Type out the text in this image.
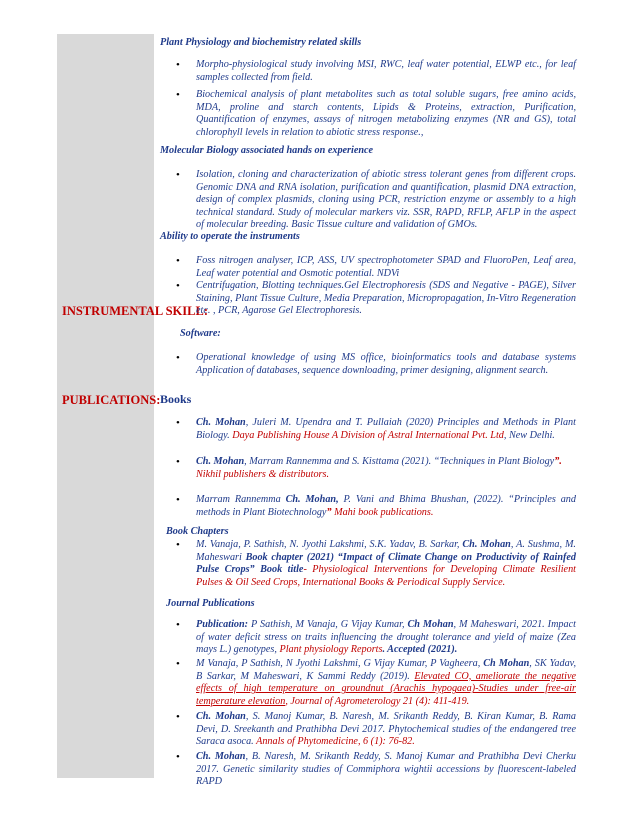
INSTRUMENTAL SKILL:
PUBLICATIONS:
Plant Physiology and biochemistry related skills
• Morpho-physiological study involving MSI, RWC, leaf water potential, ELWP etc., for leaf samples collected from field.
• Biochemical analysis of plant metabolites such as total soluble sugars, free amino acids, MDA, proline and starch contents, Lipids & Proteins, extraction, Purification, Quantification of enzymes, assays of nitrogen metabolizing enzymes (NR and GS), total chlorophyll levels in relation to abiotic stress response.,
Molecular Biology associated hands on experience
• Isolation, cloning and characterization of abiotic stress tolerant genes from different crops. Genomic DNA and RNA isolation, purification and quantification, plasmid DNA extraction, design of complex plasmids, cloning using PCR, restriction enzyme or assembly to a high technical standard. Study of molecular markers viz. SSR, RAPD, RFLP, AFLP in the aspect of molecular breeding. Basic Tissue culture and validation of GMOs.
Ability to operate the instruments
• Foss nitrogen analyser, ICP, ASS, UV spectrophotometer SPAD and FluoroPen, Leaf area, Leaf water potential and Osmotic potential. NDVi
• Centrifugation, Blotting techniques.Gel Electrophoresis (SDS and Negative - PAGE), Silver Staining, Plant Tissue Culture, Media Preparation, Micropropagation, In-Vitro Regeneration etc. , PCR, Agarose Gel Electrophoresis.
Software:
• Operational knowledge of using MS office, bioinformatics tools and database systems Application of databases, sequence downloading, primer designing, alignment search.
Books
• Ch. Mohan, Juleri M. Upendra and T. Pullaiah (2020) Principles and Methods in Plant Biology. Daya Publishing House A Division of Astral International Pvt. Ltd, New Delhi.
• Ch. Mohan, Marram Rannemma and S. Kisttama (2021). “Techniques in Plant Biology”.
Nikhil publishers & distributors.
• Marram Rannemma Ch. Mohan, P. Vani and Bhima Bhushan, (2022). “Principles and methods in Plant Biotechnology” Mahi book publications.
Book Chapters
• M. Vanaja, P. Sathish, N. Jyothi Lakshmi, S.K. Yadav, B. Sarkar, Ch. Mohan, A. Sushma, M. Maheswari Book chapter (2021) “Impact of Climate Change on Productivity of Rainfed Pulse Crops” Book title- Physiological Interventions for Developing Climate Resilient Pulses & Oil Seed Crops, International Books & Periodical Supply Service.
Journal Publications
• Publication: P Sathish, M Vanaja, G Vijay Kumar, Ch Mohan, M Maheswari, 2021. Impact of water deficit stress on traits influencing the drought tolerance and yield of maize (Zea mays L.) genotypes, Plant physiology Reports. Accepted (2021).
• M Vanaja, P Sathish, N Jyothi Lakshmi, G Vijay Kumar, P Vagheera, Ch Mohan, SK Yadav, B Sarkar, M Maheswari, K Sammi Reddy (2019). Elevated CO, ameliorate the negative effects of high temperature on groundnut (Arachis hypogaea)-Studies under free-air temperature elevation, Journal of Agrometerology 21 (4): 411-419.
• Ch. Mohan, S. Manoj Kumar, B. Naresh, M. Srikanth Reddy, B. Kiran Kumar, B. Rama Devi, D. Sreekanth and Prathibha Devi 2017. Phytochemical studies of the endangered tree Saraca asoca. Annals of Phytomedicine, 6 (1): 76-82.
• Ch. Mohan, B. Naresh, M. Srikanth Reddy, S. Manoj Kumar and Prathibha Devi Cherku 2017. Genetic similarity studies of Commiphora wightii accessions by fluorescent-labeled RAPD
